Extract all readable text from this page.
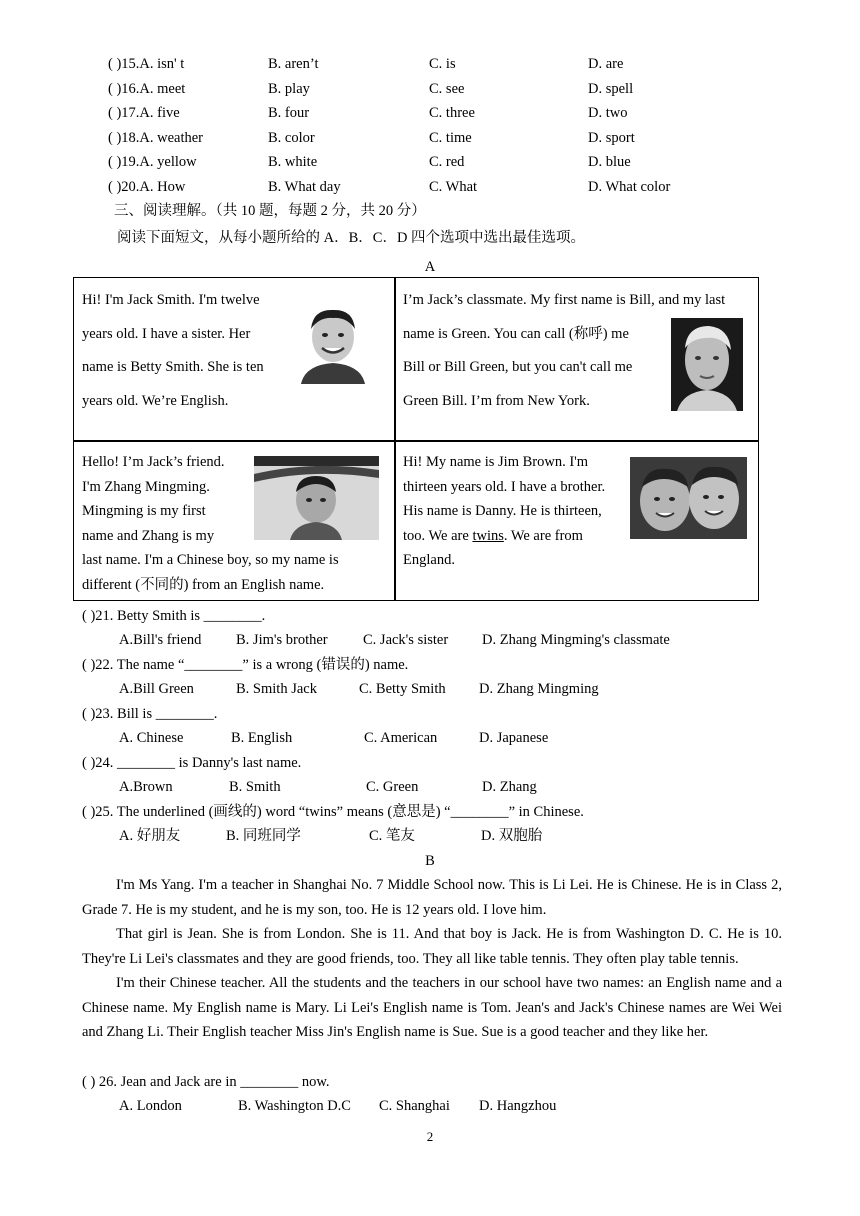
( )15.A. isn' t	B. aren’t	C. is	D. are
( )16.A. meet	B. play	C. see	D. spell
( )17.A. five	B. four	C. three	D. two
( )18.A. weather	B. color	C. time	D. sport
( )19.A. yellow	B. white	C. red	D. blue
( )20.A. How	B. What day	C. What	D. What color
三、阅读理解。（共 10 题，每题 2 分，共 20 分）
阅读下面短文，从每小题所给的 A．B．C．D 四个选项中选出最佳选项。
A
Hi! I'm Jack Smith. I'm twelve
years old. I have a sister. Her
name is Betty Smith. She is ten
years old. We’re English.
I’m Jack’s classmate. My first name is Bill, and my last
name is Green. You can call (称呼) me
Bill or Bill Green, but you can't call me
Green Bill. I’m from New York.
Hello! I’m Jack’s friend.
I'm Zhang Mingming.
Mingming is my first
name and Zhang is my
last name. I'm a Chinese boy, so my name is
different (不同的) from an English name.
Hi! My name is Jim Brown. I'm
thirteen years old. I have a brother.
His name is Danny. He is thirteen,
too. We are twins. We are from
England.
( )21. Betty Smith is ________.
A.Bill's friend B. Jim's brother C. Jack's sister D. Zhang Mingming's classmate
( )22. The name “________” is a wrong (错误的) name.
A.Bill Green	B. Smith Jack	C. Betty Smith D. Zhang Mingming
( )23. Bill is ________.
A. Chinese	B. English	C. American	D. Japanese
( )24. ________ is Danny's last name.
A.Brown	B. Smith	C. Green	D. Zhang
( )25. The underlined (画线的) word “twins” means (意思是) “________” in Chinese.
A. 好朋友	B. 同班同学	C. 笔友	D. 双胞胎
B
I'm Ms Yang. I'm a teacher in Shanghai No. 7 Middle School now. This is Li Lei. He is Chinese. He is in Class 2, Grade 7. He is my student, and he is my son, too. He is 12 years old. I love him.
That girl is Jean. She is from London. She is 11. And that boy is Jack. He is from Washington D. C. He is 10. They're Li Lei's classmates and they are good friends, too. They all like table tennis. They often play table tennis.
I'm their Chinese teacher. All the students and the teachers in our school have two names: an English name and a Chinese name. My English name is Mary. Li Lei's English name is Tom. Jean's and Jack's Chinese names are Wei Wei and Zhang Li. Their English teacher Miss Jin's English name is Sue. Sue is a good teacher and they like her.
( ) 26. Jean and Jack are in ________ now.
A. London	B. Washington D.C C. Shanghai D. Hangzhou
2
